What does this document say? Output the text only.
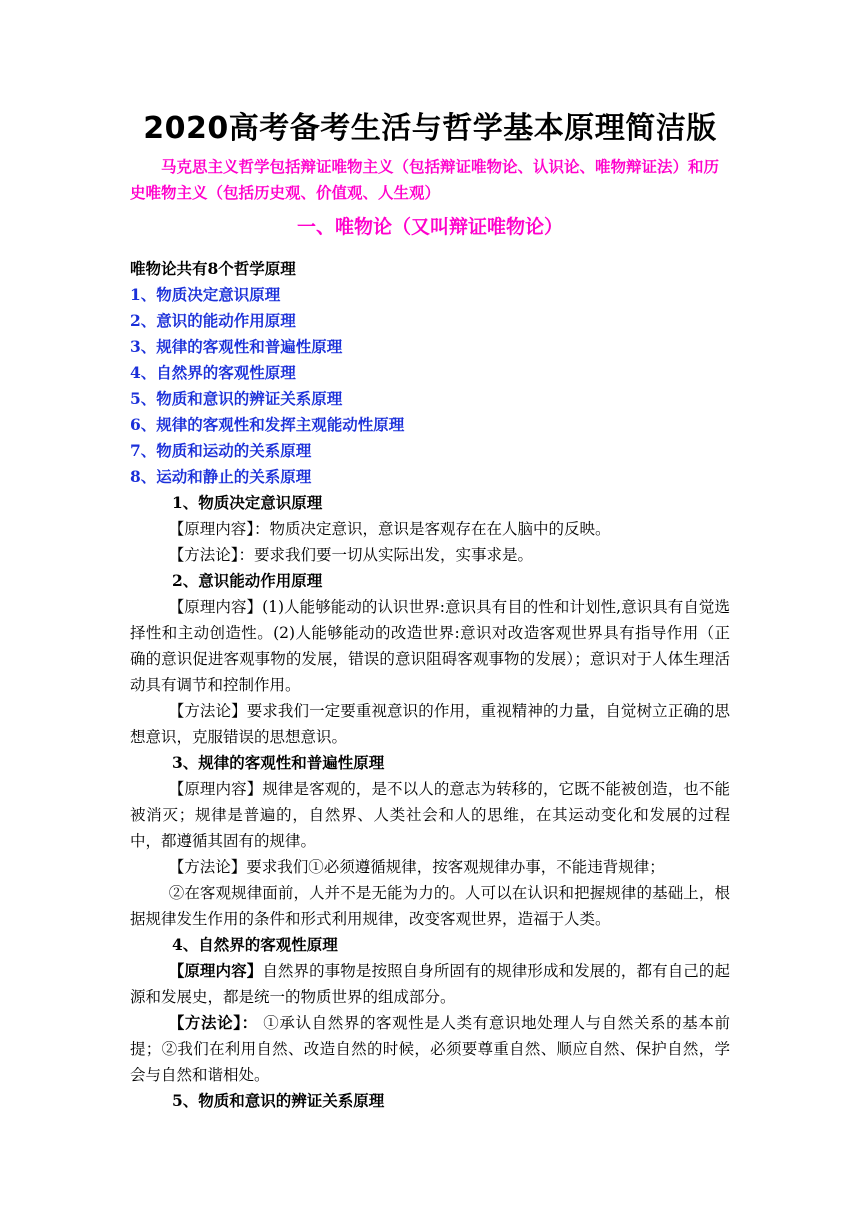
2020高考备考生活与哲学基本原理简洁版

马克思主义哲学包括辩证唯物主义（包括辩证唯物论、认识论、唯物辩证法）和历史唯物主义（包括历史观、价值观、人生观）

一、唯物论（又叫辩证唯物论）

唯物论共有8个哲学原理

1、物质决定意识原理
2、意识的能动作用原理
3、规律的客观性和普遍性原理
4、自然界的客观性原理
5、物质和意识的辨证关系原理
6、规律的客观性和发挥主观能动性原理
7、物质和运动的关系原理
8、运动和静止的关系原理

1、物质决定意识原理

【原理内容】：物质决定意识，意识是客观存在在人脑中的反映。

【方法论】：要求我们要一切从实际出发，实事求是。

2、意识能动作用原理

【原理内容】(1)人能够能动的认识世界:意识具有目的性和计划性,意识具有自觉选择性和主动创造性。(2)人能够能动的改造世界:意识对改造客观世界具有指导作用（正确的意识促进客观事物的发展，错误的意识阻碍客观事物的发展）；意识对于人体生理活动具有调节和控制作用。

【方法论】要求我们一定要重视意识的作用，重视精神的力量，自觉树立正确的思想意识，克服错误的思想意识。

3、规律的客观性和普遍性原理

【原理内容】规律是客观的，是不以人的意志为转移的，它既不能被创造，也不能被消灭；规律是普遍的，自然界、人类社会和人的思维，在其运动变化和发展的过程中，都遵循其固有的规律。

【方法论】要求我们①必须遵循规律，按客观规律办事，不能违背规律；

②在客观规律面前，人并不是无能为力的。人可以在认识和把握规律的基础上，根据规律发生作用的条件和形式利用规律，改变客观世界，造福于人类。

4、自然界的客观性原理

【原理内容】自然界的事物是按照自身所固有的规律形成和发展的，都有自己的起源和发展史，都是统一的物质世界的组成部分。

【方法论】： ①承认自然界的客观性是人类有意识地处理人与自然关系的基本前提；②我们在利用自然、改造自然的时候，必须要尊重自然、顺应自然、保护自然，学会与自然和谐相处。

5、物质和意识的辨证关系原理
